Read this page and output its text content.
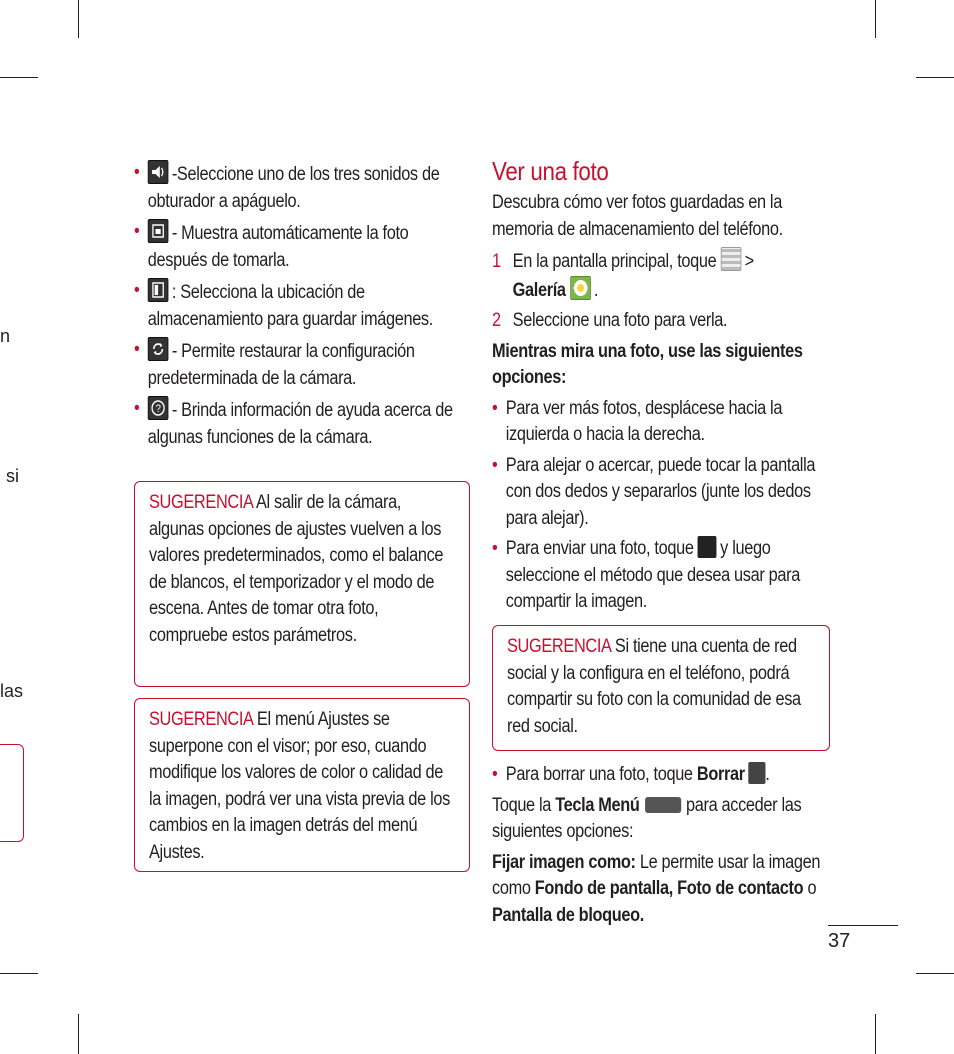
n
si
las
• -Seleccione uno de los tres sonidos de obturador a apáguelo.
• - Muestra automáticamente la foto después de tomarla.
• : Selecciona la ubicación de almacenamiento para guardar imágenes.
• - Permite restaurar la configuración predeterminada de la cámara.
• ? - Brinda información de ayuda acerca de algunas funciones de la cámara.
SUGERENCIA Al salir de la cámara, algunas opciones de ajustes vuelven a los valores predeterminados, como el balance de blancos, el temporizador y el modo de escena. Antes de tomar otra foto, compruebe estos parámetros.
SUGERENCIA El menú Ajustes se superpone con el visor; por eso, cuando modifique los valores de color o calidad de la imagen, podrá ver una vista previa de los cambios en la imagen detrás del menú Ajustes.
Ver una foto
Descubra cómo ver fotos guardadas en la memoria de almacenamiento del teléfono.
1 En la pantalla principal, toque >
Galería .
2 Seleccione una foto para verla.
Mientras mira una foto, use las siguientes opciones:
• Para ver más fotos, desplácese hacia la izquierda o hacia la derecha.
• Para alejar o acercar, puede tocar la pantalla con dos dedos y separarlos (junte los dedos para alejar).
• Para enviar una foto, toque y luego seleccione el método que desea usar para compartir la imagen.
SUGERENCIA Si tiene una cuenta de red social y la configura en el teléfono, podrá compartir su foto con la comunidad de esa red social.
• Para borrar una foto, toque Borrar .
Toque la Tecla Menú para acceder las siguientes opciones:
Fijar imagen como: Le permite usar la imagen como Fondo de pantalla, Foto de contacto o Pantalla de bloqueo.
37
